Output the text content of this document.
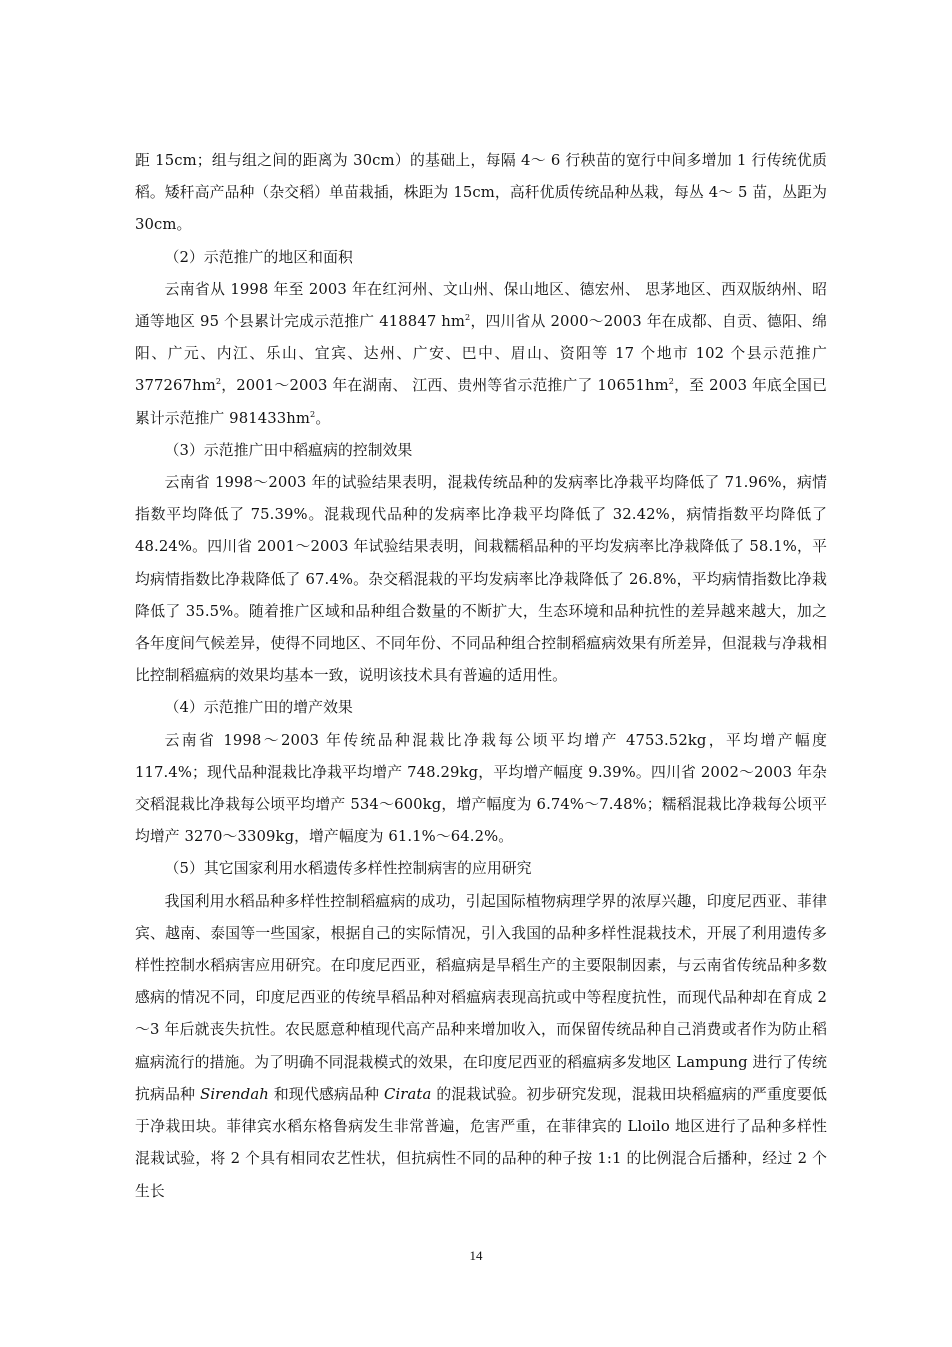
距 15cm；组与组之间的距离为 30cm）的基础上，每隔 4～ 6 行秧苗的宽行中间多增加 1 行传统优质稻。矮秆高产品种（杂交稻）单苗栽插，株距为 15cm，高秆优质传统品种丛栽，每丛 4～ 5 苗，丛距为 30cm。

（2）示范推广的地区和面积

云南省从 1998 年至 2003 年在红河州、文山州、保山地区、德宏州、 思茅地区、西双版纳州、昭通等地区 95 个县累计完成示范推广 418847 $hm^2$，四川省从 2000～2003 年在成都、自贡、德阳、绵阳、广元、内江、乐山、宜宾、达州、广安、巴中、眉山、资阳等 17 个地市 102 个县示范推广 $377267hm^2$，2001～2003 年在湖南、 江西、贵州等省示范推广了 $10651hm^2$，至 2003 年底全国已累计示范推广 $981433hm^2$。

（3）示范推广田中稻瘟病的控制效果

云南省 1998～2003 年的试验结果表明，混栽传统品种的发病率比净栽平均降低了 71.96%，病情指数平均降低了 75.39%。混栽现代品种的发病率比净栽平均降低了 32.42%，病情指数平均降低了 48.24%。四川省 2001～2003 年试验结果表明，间栽糯稻品种的平均发病率比净栽降低了 58.1%，平均病情指数比净栽降低了 67.4%。杂交稻混栽的平均发病率比净栽降低了 26.8%，平均病情指数比净栽降低了 35.5%。随着推广区域和品种组合数量的不断扩大，生态环境和品种抗性的差异越来越大，加之各年度间气候差异，使得不同地区、不同年份、不同品种组合控制稻瘟病效果有所差异，但混栽与净栽相比控制稻瘟病的效果均基本一致，说明该技术具有普遍的适用性。

（4）示范推广田的增产效果

云南省 1998～2003 年传统品种混栽比净栽每公顷平均增产 4753.52kg，平均增产幅度 117.4%；现代品种混栽比净栽平均增产 748.29kg，平均增产幅度 9.39%。四川省 2002～2003 年杂交稻混栽比净栽每公顷平均增产 534～600kg，增产幅度为 6.74%～7.48%；糯稻混栽比净栽每公顷平均增产 3270～3309kg，增产幅度为 61.1%～64.2%。

（5）其它国家利用水稻遗传多样性控制病害的应用研究

我国利用水稻品种多样性控制稻瘟病的成功，引起国际植物病理学界的浓厚兴趣，印度尼西亚、菲律宾、越南、泰国等一些国家，根据自己的实际情况，引入我国的品种多样性混栽技术，开展了利用遗传多样性控制水稻病害应用研究。在印度尼西亚，稻瘟病是旱稻生产的主要限制因素，与云南省传统品种多数感病的情况不同，印度尼西亚的传统旱稻品种对稻瘟病表现高抗或中等程度抗性，而现代品种却在育成 2～3 年后就丧失抗性。农民愿意种植现代高产品种来增加收入，而保留传统品种自己消费或者作为防止稻瘟病流行的措施。为了明确不同混栽模式的效果，在印度尼西亚的稻瘟病多发地区 Lampung 进行了传统抗病品种 Sirendah 和现代感病品种 Cirata 的混栽试验。初步研究发现，混栽田块稻瘟病的严重度要低于净栽田块。菲律宾水稻东格鲁病发生非常普遍，危害严重，在菲律宾的 Lloilo 地区进行了品种多样性混栽试验，将 2 个具有相同农艺性状，但抗病性不同的品种的种子按 1:1 的比例混合后播种，经过 2 个生长

14
